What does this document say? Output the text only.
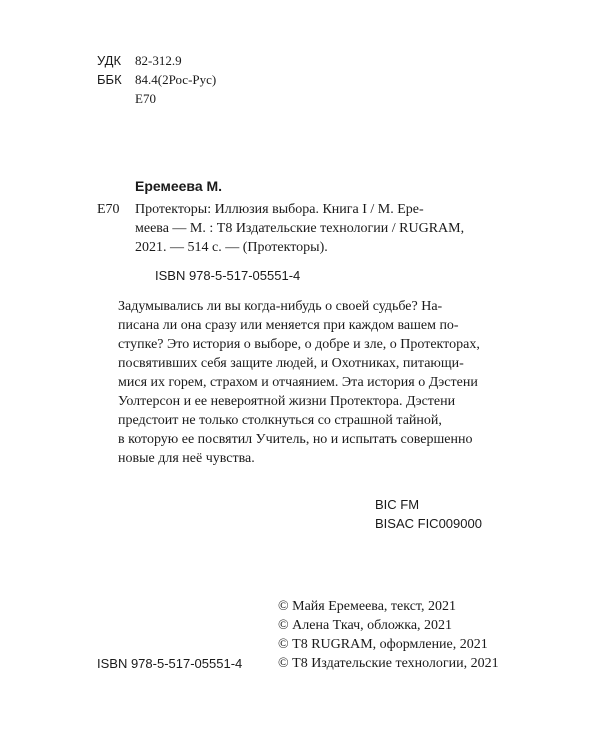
УДК 82-312.9
ББК 84.4(2Рос-Рус)
Е70
Еремеева М.
Е70 Протекторы: Иллюзия выбора. Книга I / М. Ере-
меева — М. : Т8 Издательские технологии / RUGRAM,
2021. — 514 с. — (Протекторы).
ISBN 978-5-517-05551-4
Задумывались ли вы когда-нибудь о своей судьбе? На-
писана ли она сразу или меняется при каждом вашем по-
ступке? Это история о выборе, о добре и зле, о Протекторах,
посвятивших себя защите людей, и Охотниках, питающи-
мися их горем, страхом и отчаянием. Эта история о Дэстени
Уолтерсон и ее невероятной жизни Протектора. Дэстени
предстоит не только столкнуться со страшной тайной,
в которую ее посвятил Учитель, но и испытать совершенно
новые для неё чувства.
BIC FM
BISAC FIC009000
© Майя Еремеева, текст, 2021
© Алена Ткач, обложка, 2021
© Т8 RUGRAM, оформление, 2021
© Т8 Издательские технологии, 2021
ISBN 978-5-517-05551-4
